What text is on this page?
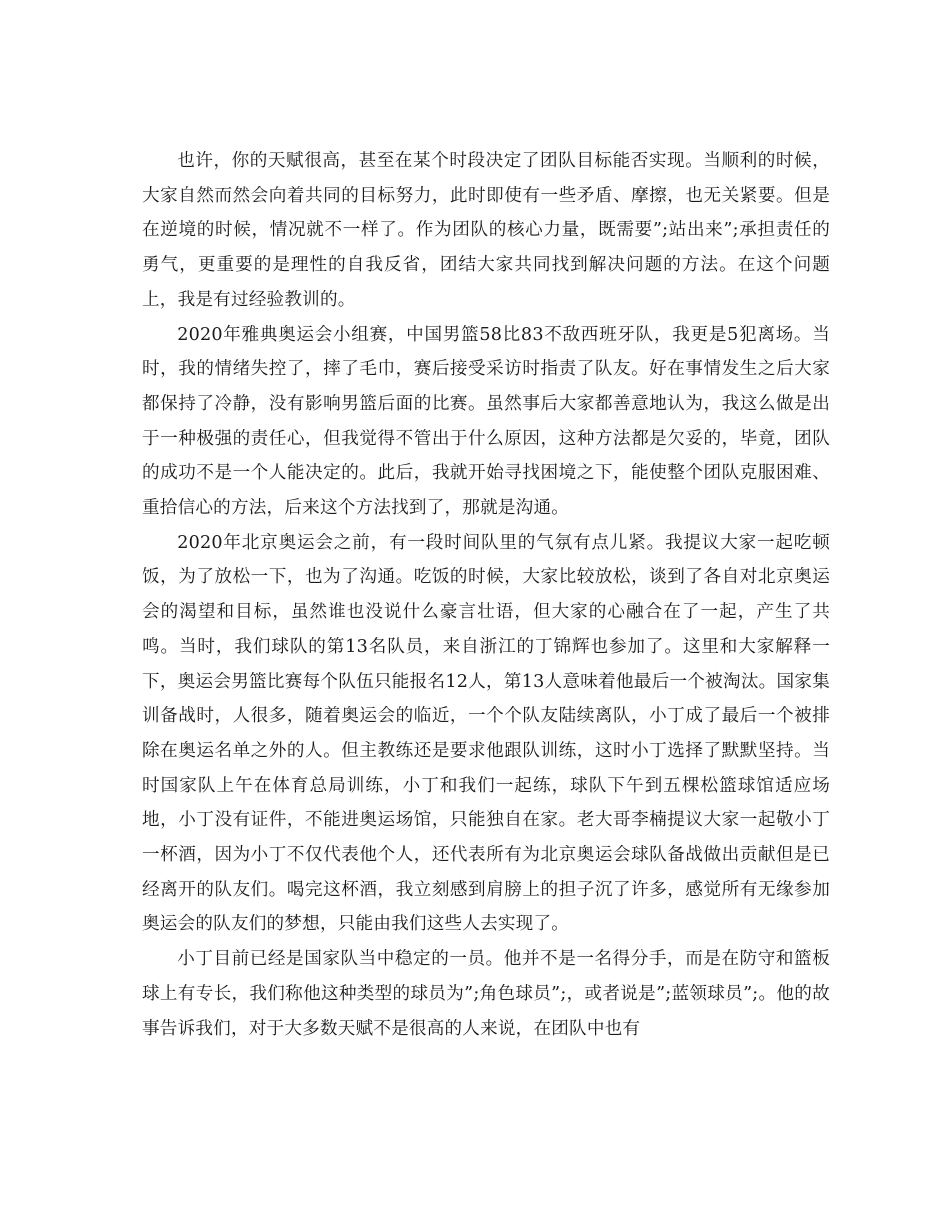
也许，你的天赋很高，甚至在某个时段决定了团队目标能否实现。当顺利的时候，大家自然而然会向着共同的目标努力，此时即使有一些矛盾、摩擦，也无关紧要。但是在逆境的时候，情况就不一样了。作为团队的核心力量，既需要”;站出来”;承担责任的勇气，更重要的是理性的自我反省，团结大家共同找到解决问题的方法。在这个问题上，我是有过经验教训的。

2020年雅典奥运会小组赛，中国男篮58比83不敌西班牙队，我更是5犯离场。当时，我的情绪失控了，摔了毛巾，赛后接受采访时指责了队友。好在事情发生之后大家都保持了冷静，没有影响男篮后面的比赛。虽然事后大家都善意地认为，我这么做是出于一种极强的责任心，但我觉得不管出于什么原因，这种方法都是欠妥的，毕竟，团队的成功不是一个人能决定的。此后，我就开始寻找困境之下，能使整个团队克服困难、重拾信心的方法，后来这个方法找到了，那就是沟通。

2020年北京奥运会之前，有一段时间队里的气氛有点儿紧。我提议大家一起吃顿饭，为了放松一下，也为了沟通。吃饭的时候，大家比较放松，谈到了各自对北京奥运会的渴望和目标，虽然谁也没说什么豪言壮语，但大家的心融合在了一起，产生了共鸣。当时，我们球队的第13名队员，来自浙江的丁锦辉也参加了。这里和大家解释一下，奥运会男篮比赛每个队伍只能报名12人，第13人意味着他最后一个被淘汰。国家集训备战时，人很多，随着奥运会的临近，一个个队友陆续离队，小丁成了最后一个被排除在奥运名单之外的人。但主教练还是要求他跟队训练，这时小丁选择了默默坚持。当时国家队上午在体育总局训练，小丁和我们一起练，球队下午到五棵松篮球馆适应场地，小丁没有证件，不能进奥运场馆，只能独自在家。老大哥李楠提议大家一起敬小丁一杯酒，因为小丁不仅代表他个人，还代表所有为北京奥运会球队备战做出贡献但是已经离开的队友们。喝完这杯酒，我立刻感到肩膀上的担子沉了许多，感觉所有无缘参加奥运会的队友们的梦想，只能由我们这些人去实现了。

小丁目前已经是国家队当中稳定的一员。他并不是一名得分手，而是在防守和篮板球上有专长，我们称他这种类型的球员为”;角色球员”;，或者说是”;蓝领球员”;。他的故事告诉我们，对于大多数天赋不是很高的人来说，在团队中也有
